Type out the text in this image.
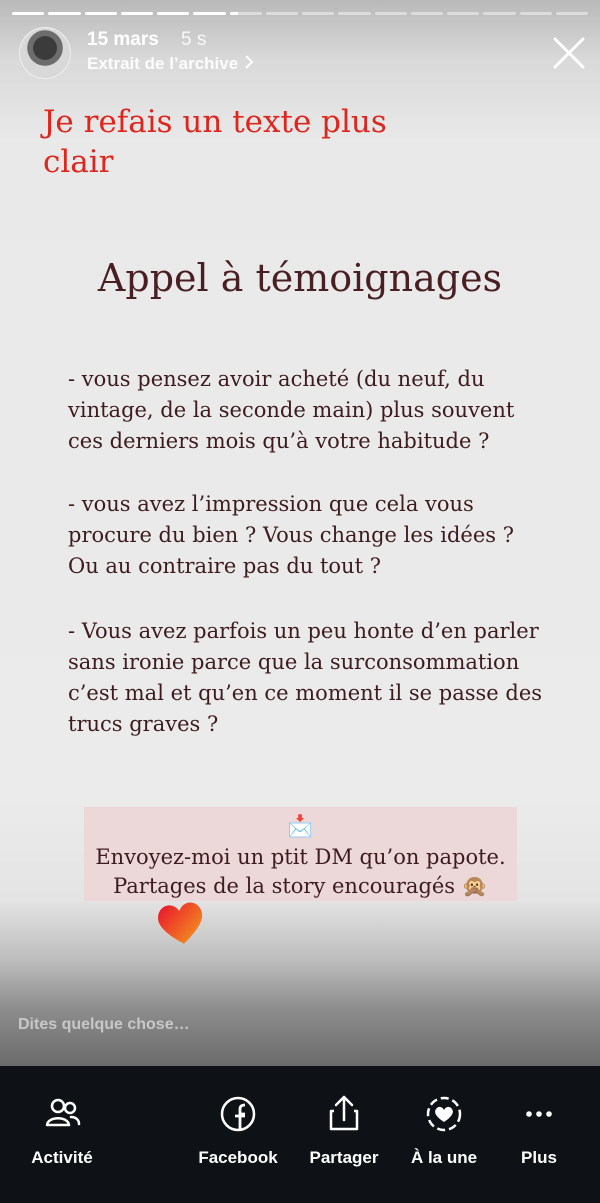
15 mars 5 s
Extrait de l’archive
Je refais un texte plus clair
Appel à témoignages
- vous pensez avoir acheté (du neuf, du vintage, de la seconde main) plus souvent ces derniers mois qu’à votre habitude ?
- vous avez l’impression que cela vous procure du bien ? Vous change les idées ? Ou au contraire pas du tout ?
- Vous avez parfois un peu honte d’en parler sans ironie parce que la surconsommation c’est mal et qu’en ce moment il se passe des trucs graves ?
📩
Envoyez-moi un ptit DM qu’on papote.
Partages de la story encouragés 🙊
Dites quelque chose…
Activité	Facebook	Partager	À la une	Plus
